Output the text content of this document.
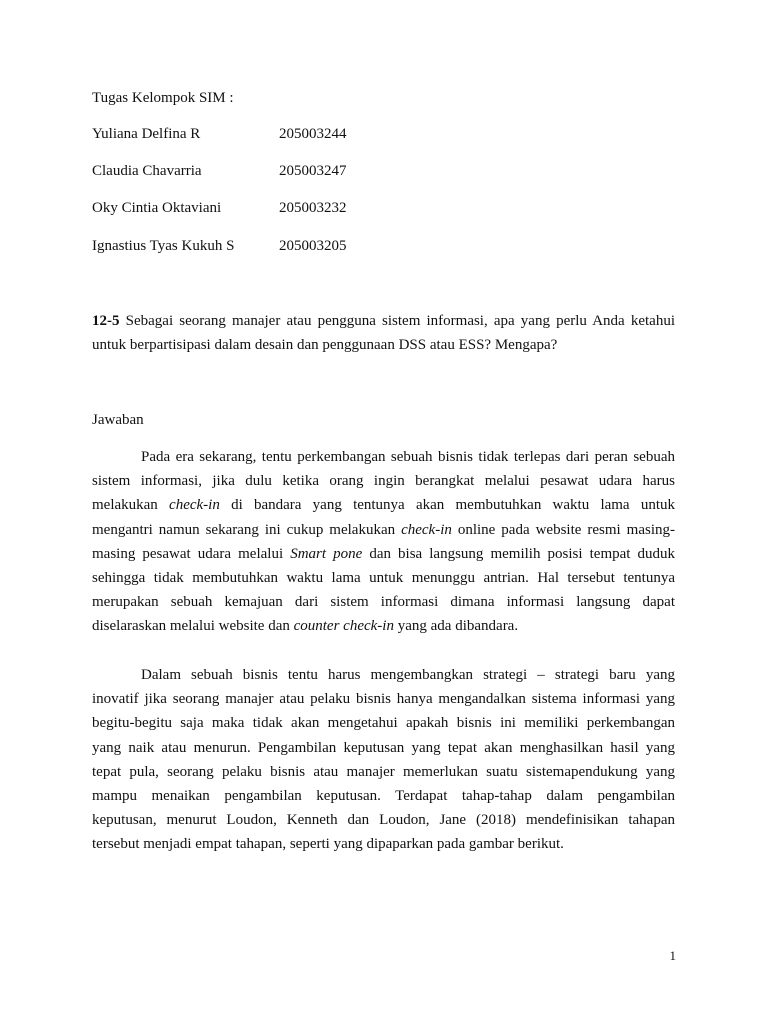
Tugas Kelompok SIM :
Yuliana Delfina R	205003244
Claudia Chavarria	205003247
Oky Cintia Oktaviani	205003232
Ignastius Tyas Kukuh S	205003205

12-5 Sebagai seorang manajer atau pengguna sistem informasi, apa yang perlu Anda ketahui
untuk berpartisipasi dalam desain dan penggunaan DSS atau ESS? Mengapa?

Jawaban

Pada era sekarang, tentu perkembangan sebuah bisnis tidak terlepas dari peran sebuah
sistem informasi, jika dulu ketika orang ingin berangkat melalui pesawat udara harus
melakukan check-in di bandara yang tentunya akan membutuhkan waktu lama untuk
mengantri namun sekarang ini cukup melakukan check-in online pada website resmi masing-
masing pesawat udara melalui Smart pone dan bisa langsung memilih posisi tempat duduk
sehingga tidak membutuhkan waktu lama untuk menunggu antrian. Hal tersebut tentunya
merupakan sebuah kemajuan dari sistem informasi dimana informasi langsung dapat
diselaraskan melalui website dan counter check-in yang ada dibandara.

Dalam sebuah bisnis tentu harus mengembangkan strategi – strategi baru yang
inovatif jika seorang manajer atau pelaku bisnis hanya mengandalkan sistema informasi yang
begitu-begitu saja maka tidak akan mengetahui apakah bisnis ini memiliki perkembangan
yang naik atau menurun. Pengambilan keputusan yang tepat akan menghasilkan hasil yang
tepat pula, seorang pelaku bisnis atau manajer memerlukan suatu sistemapendukung yang
mampu menaikan pengambilan keputusan. Terdapat tahap-tahap dalam pengambilan
keputusan, menurut Loudon, Kenneth dan Loudon, Jane (2018) mendefinisikan tahapan
tersebut menjadi empat tahapan, seperti yang dipaparkan pada gambar berikut.

1
